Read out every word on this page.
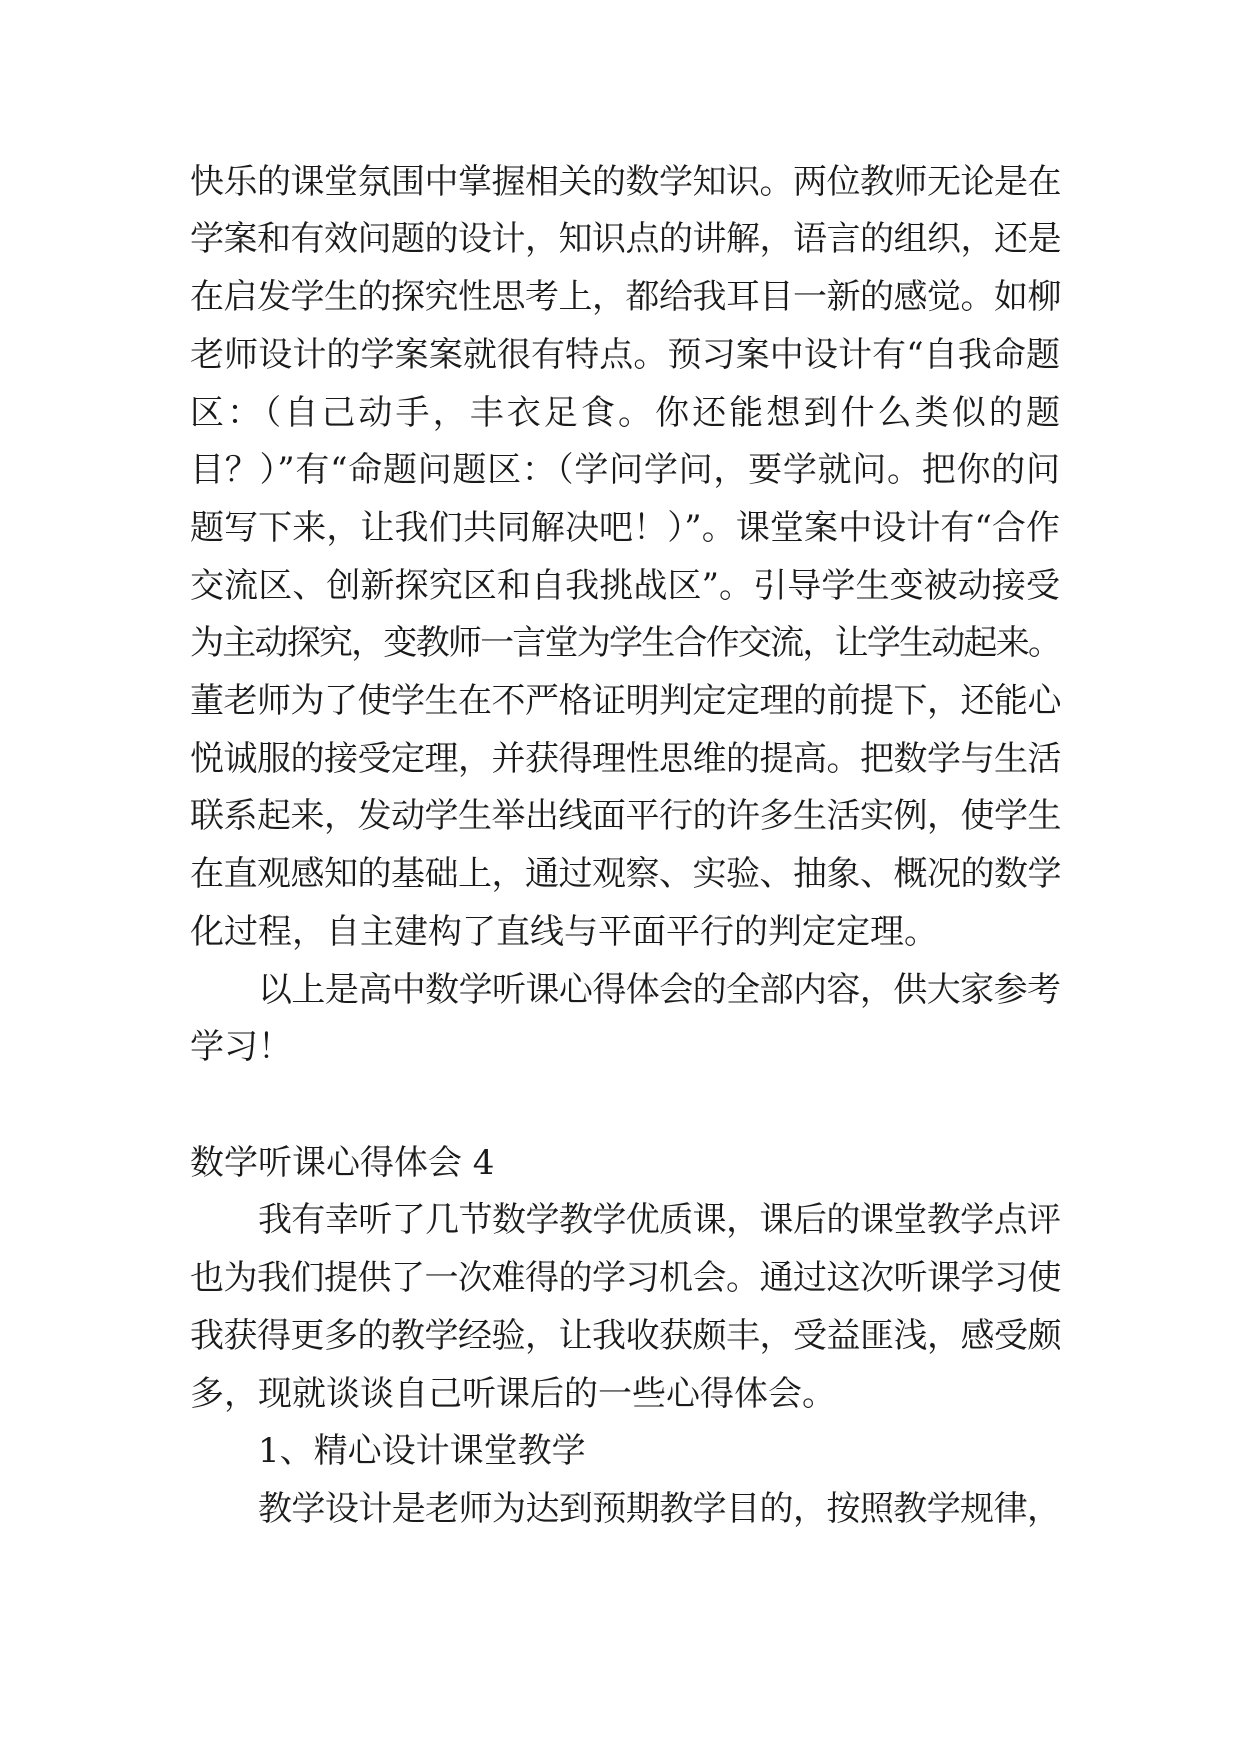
快乐的课堂氛围中掌握相关的数学知识。两位教师无论是在
学案和有效问题的设计，知识点的讲解，语言的组织，还是
在启发学生的探究性思考上，都给我耳目一新的感觉。如柳
老师设计的学案案就很有特点。预习案中设计有“自我命题
区：（自己动手，丰衣足食。你还能想到什么类似的题
目？）”有“命题问题区：（学问学问，要学就问。把你的问
题写下来，让我们共同解决吧！）”。课堂案中设计有“合作
交流区、创新探究区和自我挑战区”。引导学生变被动接受
为主动探究，变教师一言堂为学生合作交流，让学生动起来。
董老师为了使学生在不严格证明判定定理的前提下，还能心
悦诚服的接受定理，并获得理性思维的提高。把数学与生活
联系起来，发动学生举出线面平行的许多生活实例，使学生
在直观感知的基础上，通过观察、实验、抽象、概况的数学
化过程，自主建构了直线与平面平行的判定定理。
以上是高中数学听课心得体会的全部内容，供大家参考
学习！
数学听课心得体会 4
我有幸听了几节数学教学优质课，课后的课堂教学点评
也为我们提供了一次难得的学习机会。通过这次听课学习使
我获得更多的教学经验，让我收获颇丰，受益匪浅，感受颇
多，现就谈谈自己听课后的一些心得体会。
1、精心设计课堂教学
教学设计是老师为达到预期教学目的，按照教学规律，
